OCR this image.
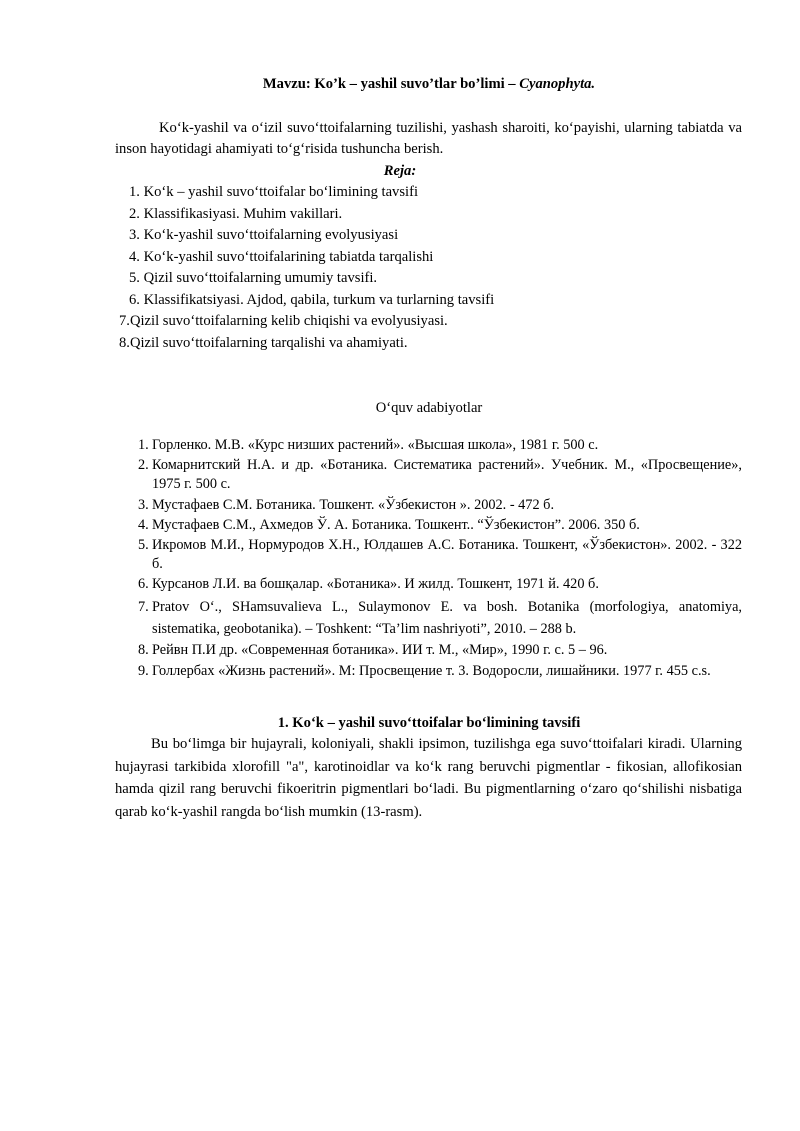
Mavzu: Ko’k – yashil suvo’tlar bo’limi – Cyanophyta.
Ko‘k-yashil va o‘izil suvo‘ttoifalarning tuzilishi, yashash sharoiti, ko‘payishi, ularning tabiatda va inson hayotidagi ahamiyati to‘g‘risida tushuncha berish.
Reja:
1. Ko‘k – yashil suvo‘ttoifalar bo‘limining tavsifi
2. Klassifikasiyasi. Muhim vakillari.
3. Ko‘k-yashil suvo‘ttoifalarning evolyusiyasi
4. Ko‘k-yashil suvo‘ttoifalarining tabiatda tarqalishi
5. Qizil suvo‘ttoifalarning umumiy tavsifi.
6. Klassifikatsiyasi. Ajdod, qabila, turkum va turlarning tavsifi
7.Qizil suvo‘ttoifalarning kelib chiqishi va evolyusiyasi.
8.Qizil suvo‘ttoifalarning tarqalishi va ahamiyati.
O‘quv adabiyotlar
1. Горленко. М.В. «Курс низших растений». «Высшая школа», 1981 г. 500 с.
2. Комарнитский Н.А. и др. «Ботаника. Систематика растений». Учебник. М., «Просвещение», 1975 г. 500 с.
3. Мустафаев С.М. Ботаника. Тошкент. «Ўзбекистон ». 2002. - 472 б.
4. Мустафаев С.М., Ахмедов Ў. А. Ботаника. Тошкент.. “Ўзбекистон”. 2006. 350 б.
5. Икромов М.И., Нормуродов Х.Н., Юлдашев А.С. Ботаника. Тошкент, «Ўзбекистон». 2002. - 322 б.
6. Курсанов Л.И. ва бошқалар. «Ботаника». И жилд. Тошкент, 1971 й. 420 б.
7. Pratov O‘., SHamsuvalieva L., Sulaymonov E. va bosh. Botanika (morfologiya, anatomiya, sistematika, geobotanika). – Toshkent: “Ta’lim nashriyoti”, 2010. – 288 b.
8. Рейвн П.И др. «Современная ботаника». ИИ т. М., «Мир», 1990 г. с. 5 – 96.
9. Голлербах «Жизнь растений». М: Просвещение т. 3. Водоросли, лишайники. 1977 г. 455 с.s.
1. Ko‘k – yashil suvo‘ttoifalar bo‘limining tavsifi
Bu bo‘limga bir hujayrali, koloniyali, shakli ipsimon, tuzilishga ega suvo‘ttoifalari kiradi. Ularning hujayrasi tarkibida xlorofill "a", karotinoidlar va ko‘k rang beruvchi pigmentlar - fikosian, allofikosian hamda qizil rang beruvchi fikoeritrin pigmentlari bo‘ladi. Bu pigmentlarning o‘zaro qo‘shilishi nisbatiga qarab ko‘k-yashil rangda bo‘lish mumkin (13-rasm).
